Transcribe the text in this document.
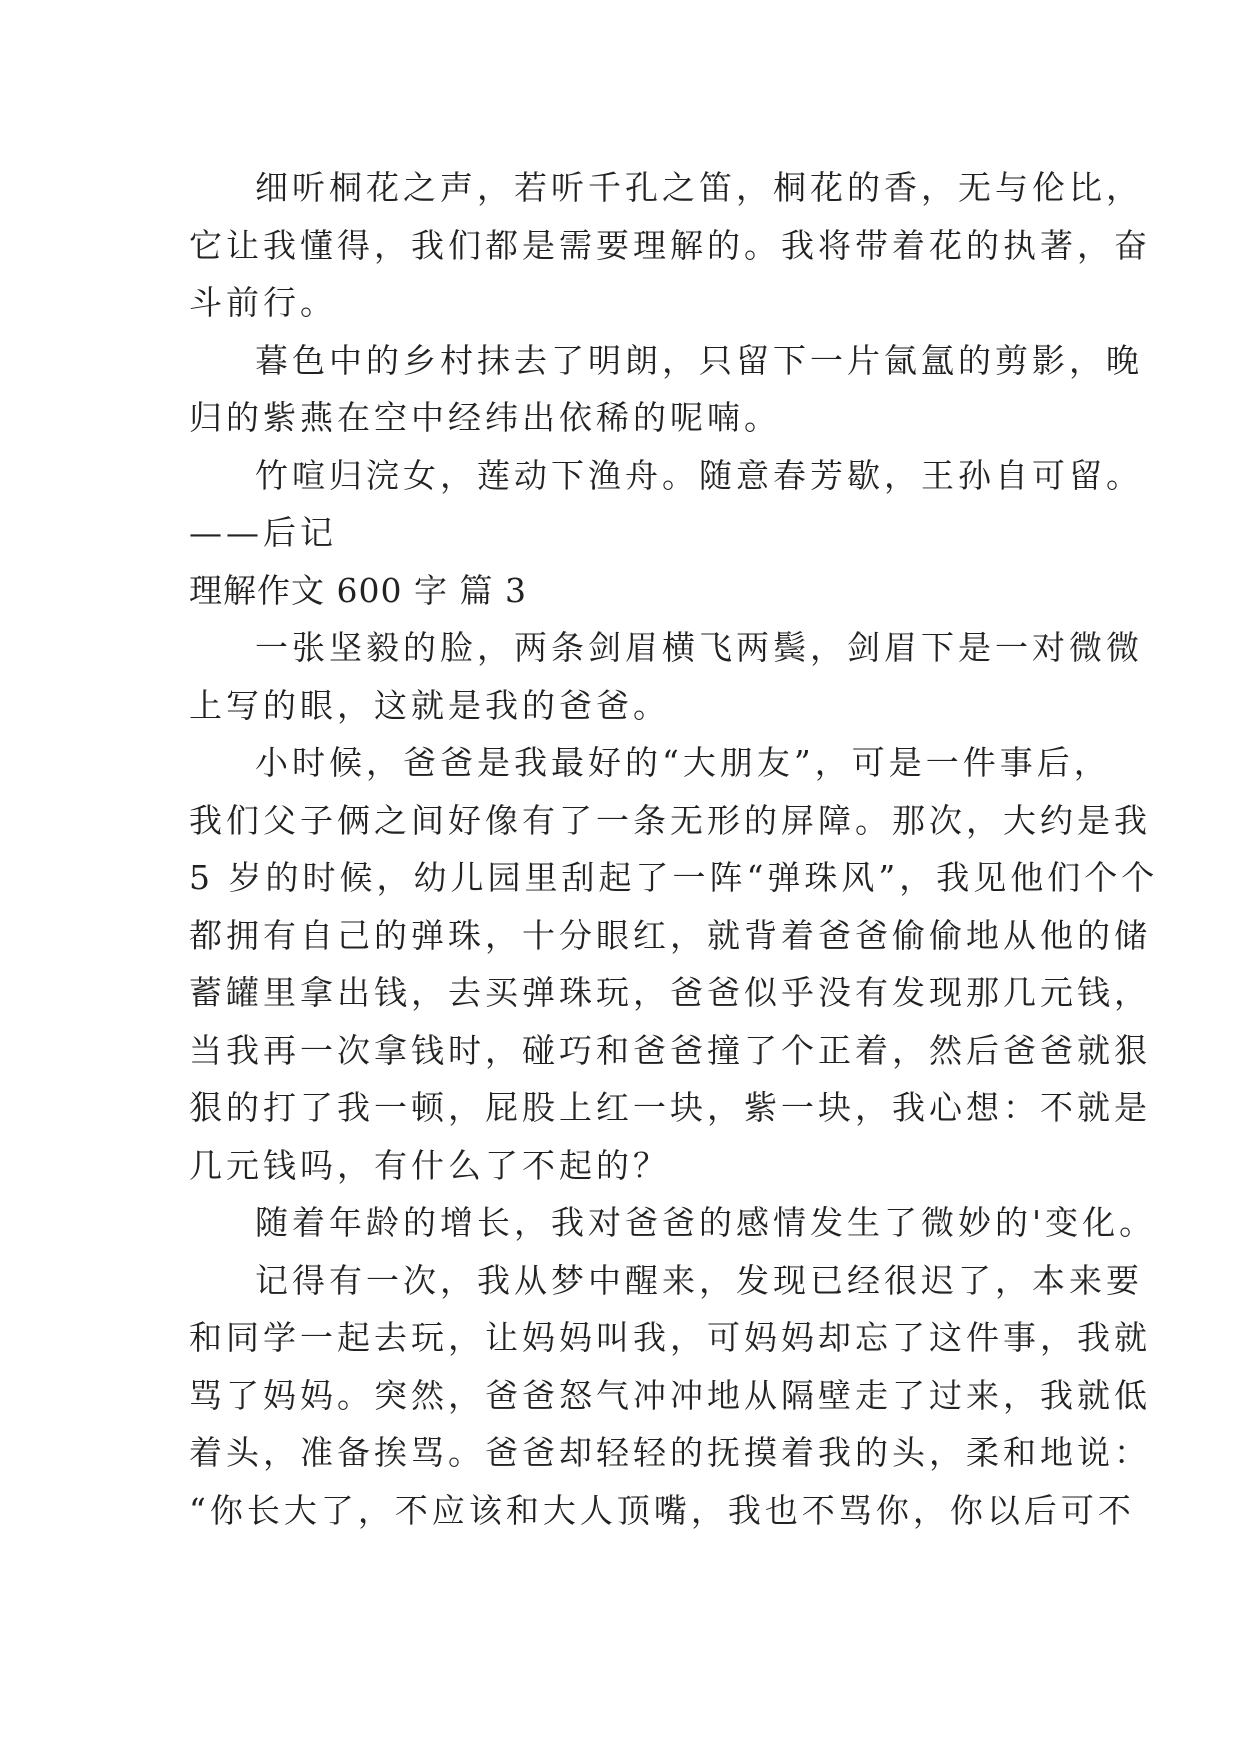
细听桐花之声，若听千孔之笛，桐花的香，无与伦比，
它让我懂得，我们都是需要理解的。我将带着花的执著，奋
斗前行。
暮色中的乡村抹去了明朗，只留下一片氤氲的剪影，晚
归的紫燕在空中经纬出依稀的呢喃。
竹喧归浣女，莲动下渔舟。随意春芳歇，王孙自可留。
——后记
理解作文 600 字 篇 3
一张坚毅的脸，两条剑眉横飞两鬓，剑眉下是一对微微
上写的眼，这就是我的爸爸。
小时候，爸爸是我最好的“大朋友”，可是一件事后，
我们父子俩之间好像有了一条无形的屏障。那次，大约是我
5 岁的时候，幼儿园里刮起了一阵“弹珠风”，我见他们个个
都拥有自己的弹珠，十分眼红，就背着爸爸偷偷地从他的储
蓄罐里拿出钱，去买弹珠玩，爸爸似乎没有发现那几元钱，
当我再一次拿钱时，碰巧和爸爸撞了个正着，然后爸爸就狠
狠的打了我一顿，屁股上红一块，紫一块，我心想：不就是
几元钱吗，有什么了不起的？
随着年龄的增长，我对爸爸的感情发生了微妙的'变化。
记得有一次，我从梦中醒来，发现已经很迟了，本来要
和同学一起去玩，让妈妈叫我，可妈妈却忘了这件事，我就
骂了妈妈。突然，爸爸怒气冲冲地从隔壁走了过来，我就低
着头，准备挨骂。爸爸却轻轻的抚摸着我的头，柔和地说：
“你长大了，不应该和大人顶嘴，我也不骂你，你以后可不
